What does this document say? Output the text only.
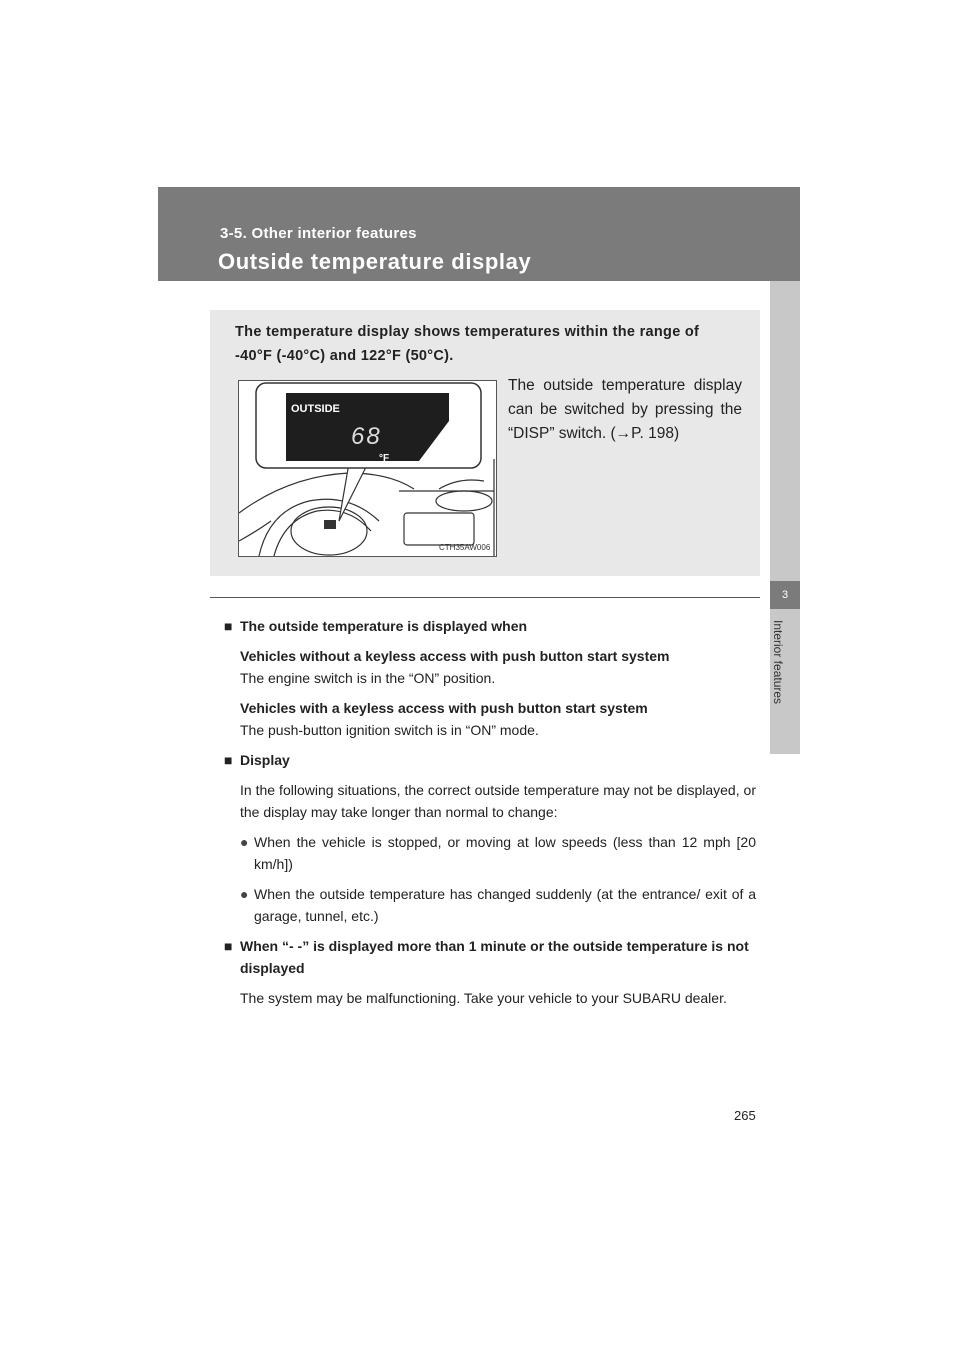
3-5. Other interior features
Outside temperature display
3
Interior features
The temperature display shows temperatures within the range of -40°F (-40°C) and 122°F (50°C).
OUTSIDE
68
°F
CTH35AW006
The outside temperature display can be switched by pressing the “DISP” switch. (→P. 198)

■ The outside temperature is displayed when

Vehicles without a keyless access with push button start system

The engine switch is in the “ON” position.

Vehicles with a keyless access with push button start system

The push-button ignition switch is in “ON” mode.

■ Display

In the following situations, the correct outside temperature may not be displayed, or the display may take longer than normal to change:

● When the vehicle is stopped, or moving at low speeds (less than 12 mph [20 km/h])

● When the outside temperature has changed suddenly (at the entrance/ exit of a garage, tunnel, etc.)

■ When “- -” is displayed more than 1 minute or the outside temperature is not displayed

The system may be malfunctioning. Take your vehicle to your SUBARU dealer.

265
